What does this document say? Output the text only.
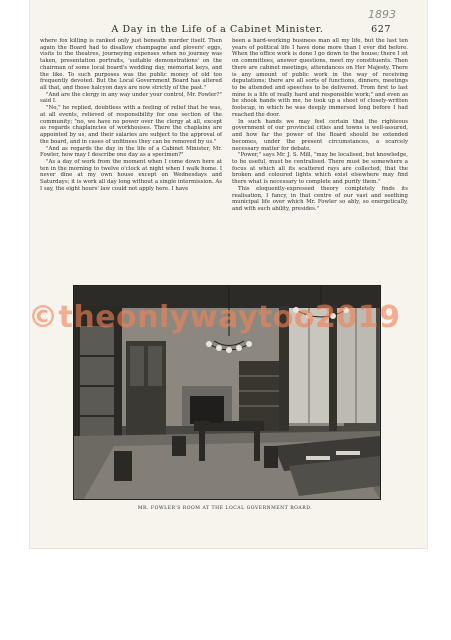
1893
A Day in the Life of a Cabinet Minister.	627

where fox killing is ranked only just beneath murder itself. Then again the Board had to disallow champagne and plovers' eggs, visits to the theatres, journeying expenses when no journey was taken, presentation portraits, 'suitable demonstrations' on the chairman of some local board's wedding day, memorial keys, and the like. To such purposes was the public money of old too frequently devoted. But the Local Government Board has altered all that, and those halcyon days are now strictly of the past."

"And are the clergy in any way under your control, Mr. Fowler?" said I.

"No," he replied, doubtless with a feeling of relief that he was, at all events, relieved of responsibility for one section of the community; "no, we have no power over the clergy at all, except as regards chaplaincies of workhouses. There the chaplains are appointed by us, and their salaries are subject to the approval of the board, and in cases of unfitness they can be removed by us."

"And as regards the day in the life of a Cabinet Minister, Mr. Fowler, how may I describe one day as a specimen?"

"As a day of work from the moment when I come down here at ten in the morning to twelve o'clock at night when I walk home. I never dine at my own house except on Wednesdays and Saturdays; it is work all day long without a single intermission. As I say, the eight hours' law could not apply here. I have

been a hard-working business man all my life, but the last ten years of political life I have done more than I ever did before. When the office work is done I go down to the house; there I sit on committees, answer questions, meet my constituents. Then there are cabinet meetings, attendances on Her Majesty. There is any amount of public work in the way of receiving deputations; there are all sorts of functions, dinners, meetings to be attended and speeches to be delivered. From first to last mine is a life of really hard and responsible work;" and even as he shook hands with me, he took up a sheet of closely-written foolscap, in which he was deeply immersed long before I had reached the door.

In such hands we may feel certain that the righteous government of our provincial cities and towns is well-assured, and how far the power of the Board should be extended becomes, under the present circumstances, a scarcely necessary matter for debate.

"Power," says Mr. J. S. Mill, "may be localised, but knowledge, to be useful, must be centralised. There must be somewhere a focus at which all its scattered rays are collected, that the broken and coloured lights which exist elsewhere may find there what is necessary to complete and purify them."

This eloquently-expressed theory completely finds its realisation, I fancy, in that centre of our vast and seething municipal life over which Mr. Fowler so ably, so energetically, and with such ability, presides."

©theonlywaytoo2019
MR. FOWLER'S ROOM AT THE LOCAL GOVERNMENT BOARD.
